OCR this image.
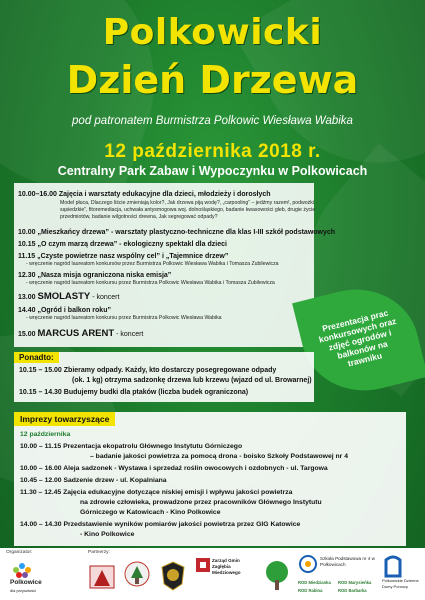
Polkowicki
Dzień Drzewa
pod patronatem Burmistrza Polkowic Wiesława Wabika
12 października 2018 r.
Centralny Park Zabaw i Wypoczynku w Polkowicach
10.00–16.00 Zajęcia i warsztaty edukacyjne dla dzieci, młodzieży i dorosłych
Model płuca, Dlaczego liście zmieniają kolor?, Jak drzewa piją wodę?, „carpooling” – jedźmy razem!, podwożki sąsiedzkie”, fitoremediacja, uchwała antysmogowa woj. dolnośląskiego, badanie kwasowości gleb, drugie życie przedmiotów, badanie wilgotności drewna, Jak segregować odpady?
10.00 „Mieszkańcy drzewa” - warsztaty plastyczno-techniczne dla klas I-III szkół podstawowych
10.15 „O czym marzą drzewa” - ekologiczny spektakl dla dzieci
11.15 „Czyste powietrze nasz wspólny cel” i „Tajemnice drzew”
- wręczenie nagród laureatom konkursów przez Burmistrza Polkowic Wiesława Wabika i Tomasza Zubilewicza
12.30 „Nasza misja ograniczona niska emisja”
- wręczenie nagród laureatom konkursu przez Burmistrza Polkowic Wiesława Wabika i Tomasza Zubilewicza
13.00 SMOLASTY - koncert
14.40 „Ogród i balkon roku”
- wręczenie nagród laureatom konkursu przez Burmistrza Polkowic Wiesława Wabika
15.00 MARCUS ARENT - koncert
Prezentacja prac konkursowych oraz zdjęć ogrodów i balkonów na trawniku
Ponadto:
10.15 – 15.00 Zbieramy odpady. Każdy, kto dostarczy posegregowane odpady
(ok. 1 kg) otrzyma sadzonkę drzewa lub krzewu (wjazd od ul. Browarnej)
10.15 – 14.30 Budujemy budki dla ptaków (liczba budek ograniczona)
Imprezy towarzyszące
12 października
10.00 – 11.15 Prezentacja ekopatrolu Głównego Instytutu Górniczego
– badanie jakości powietrza za pomocą drona - boisko Szkoły Podstawowej nr 4
10.00 – 16.00 Aleja sadzonek - Wystawa i sprzedaż roślin owocowych i ozdobnych - ul. Targowa
10.45 – 12.00 Sadzenie drzew - ul. Kopalniana
11.30 – 12.45 Zajęcia edukacyjne dotyczące niskiej emisji i wpływu jakości powietrza
na zdrowie człowieka, prowadzone przez pracowników Głównego Instytutu
Górniczego w Katowicach - Kino Polkowice
14.00 – 14.30 Przedstawienie wyników pomiarów jakości powietrza przez GIG Katowice
- Kino Polkowice
Organizator:	Partnerzy:
Polkowice
dla przyszłości
Zarząd Gmin Zagłębia Miedziowego
Szkoła Podstawowa nr 4 w Polkowicach
ROD Miedzianka	ROD Marysieńka
ROD Rabina	ROD Barbarka
Polkowickie Dzienne Domy Pomocy
